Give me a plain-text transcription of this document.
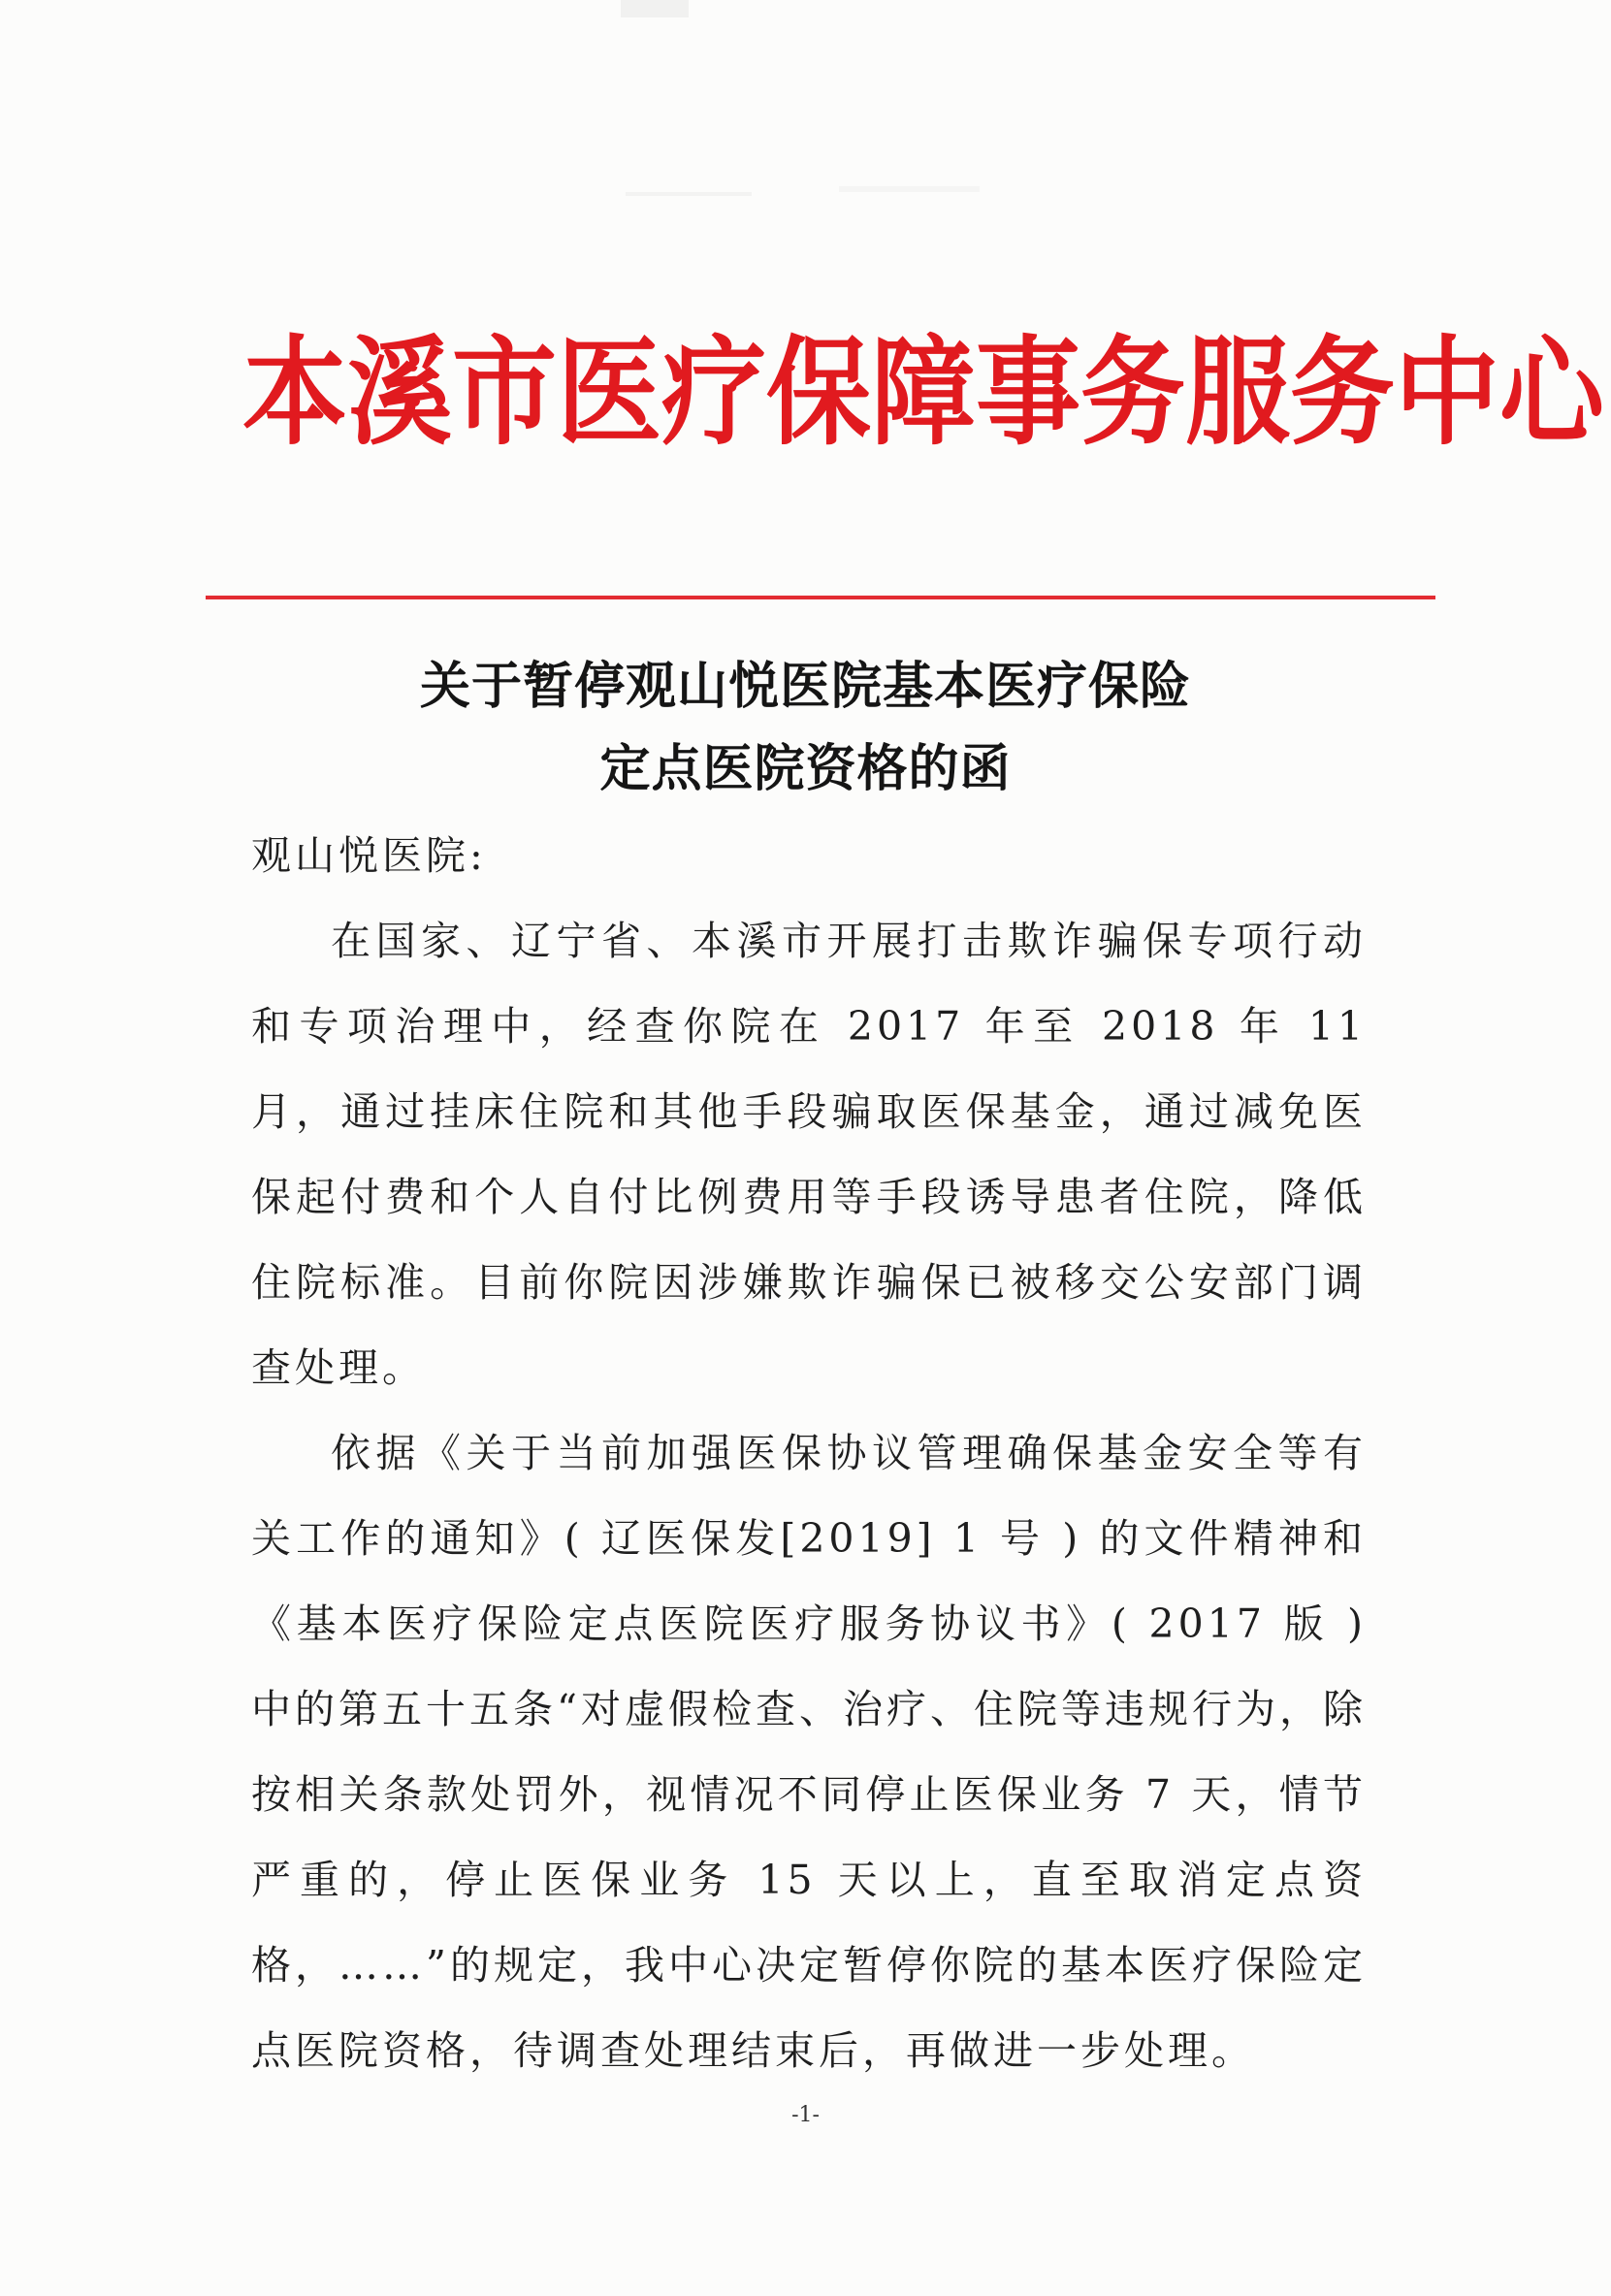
本溪市医疗保障事务服务中心
关于暂停观山悦医院基本医疗保险
定点医院资格的函

观山悦医院:

在国家、辽宁省、本溪市开展打击欺诈骗保专项行动和专项治理中，经查你院在 2017 年至 2018 年 11 月，通过挂床住院和其他手段骗取医保基金，通过减免医保起付费和个人自付比例费用等手段诱导患者住院，降低住院标准。目前你院因涉嫌欺诈骗保已被移交公安部门调查处理。

依据《关于当前加强医保协议管理确保基金安全等有关工作的通知》( 辽医保发[2019] 1 号 ) 的文件精神和《基本医疗保险定点医院医疗服务协议书》( 2017 版 ) 中的第五十五条“对虚假检查、治疗、住院等违规行为，除按相关条款处罚外，视情况不同停止医保业务 7 天，情节严重的，停止医保业务 15 天以上，直至取消定点资格，……”的规定，我中心决定暂停你院的基本医疗保险定点医院资格，待调查处理结束后，再做进一步处理。

-1-
